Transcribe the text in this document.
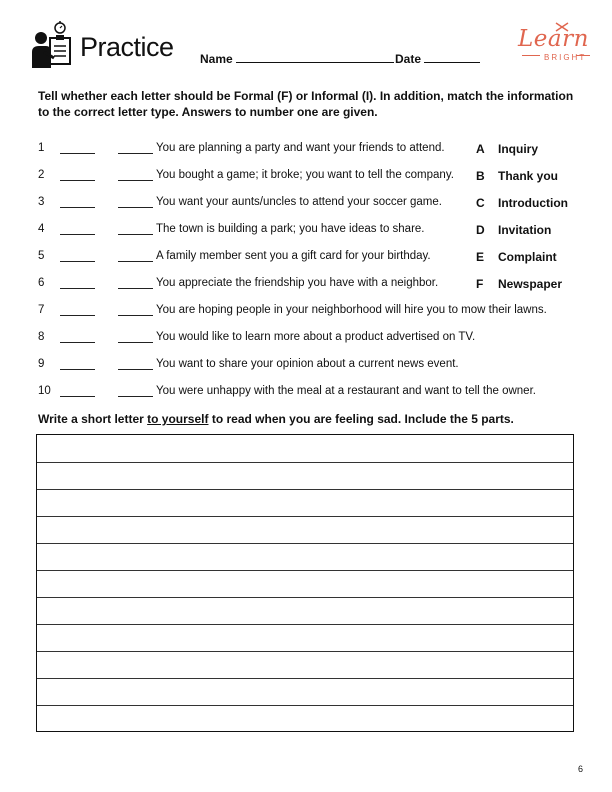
Practice Name	Date
Learn
BRIGHT
Tell whether each letter should be Formal (F) or Informal (I). In addition, match the information to the correct letter type. Answers to number one are given.
1	You are planning a party and want your friends to attend.
2	You bought a game; it broke; you want to tell the company.
3	You want your aunts/uncles to attend your soccer game.
4	The town is building a park; you have ideas to share.
5	A family member sent you a gift card for your birthday.
6	You appreciate the friendship you have with a neighbor.
7	You are hoping people in your neighborhood will hire you to mow their lawns.
8	You would like to learn more about a product advertised on TV.
9	You want to share your opinion about a current news event.
10	You were unhappy with the meal at a restaurant and want to tell the owner.
A Inquiry
B Thank you
C Introduction
D Invitation
E Complaint
F Newspaper
Write a short letter to yourself to read when you are feeling sad. Include the 5 parts.
6
